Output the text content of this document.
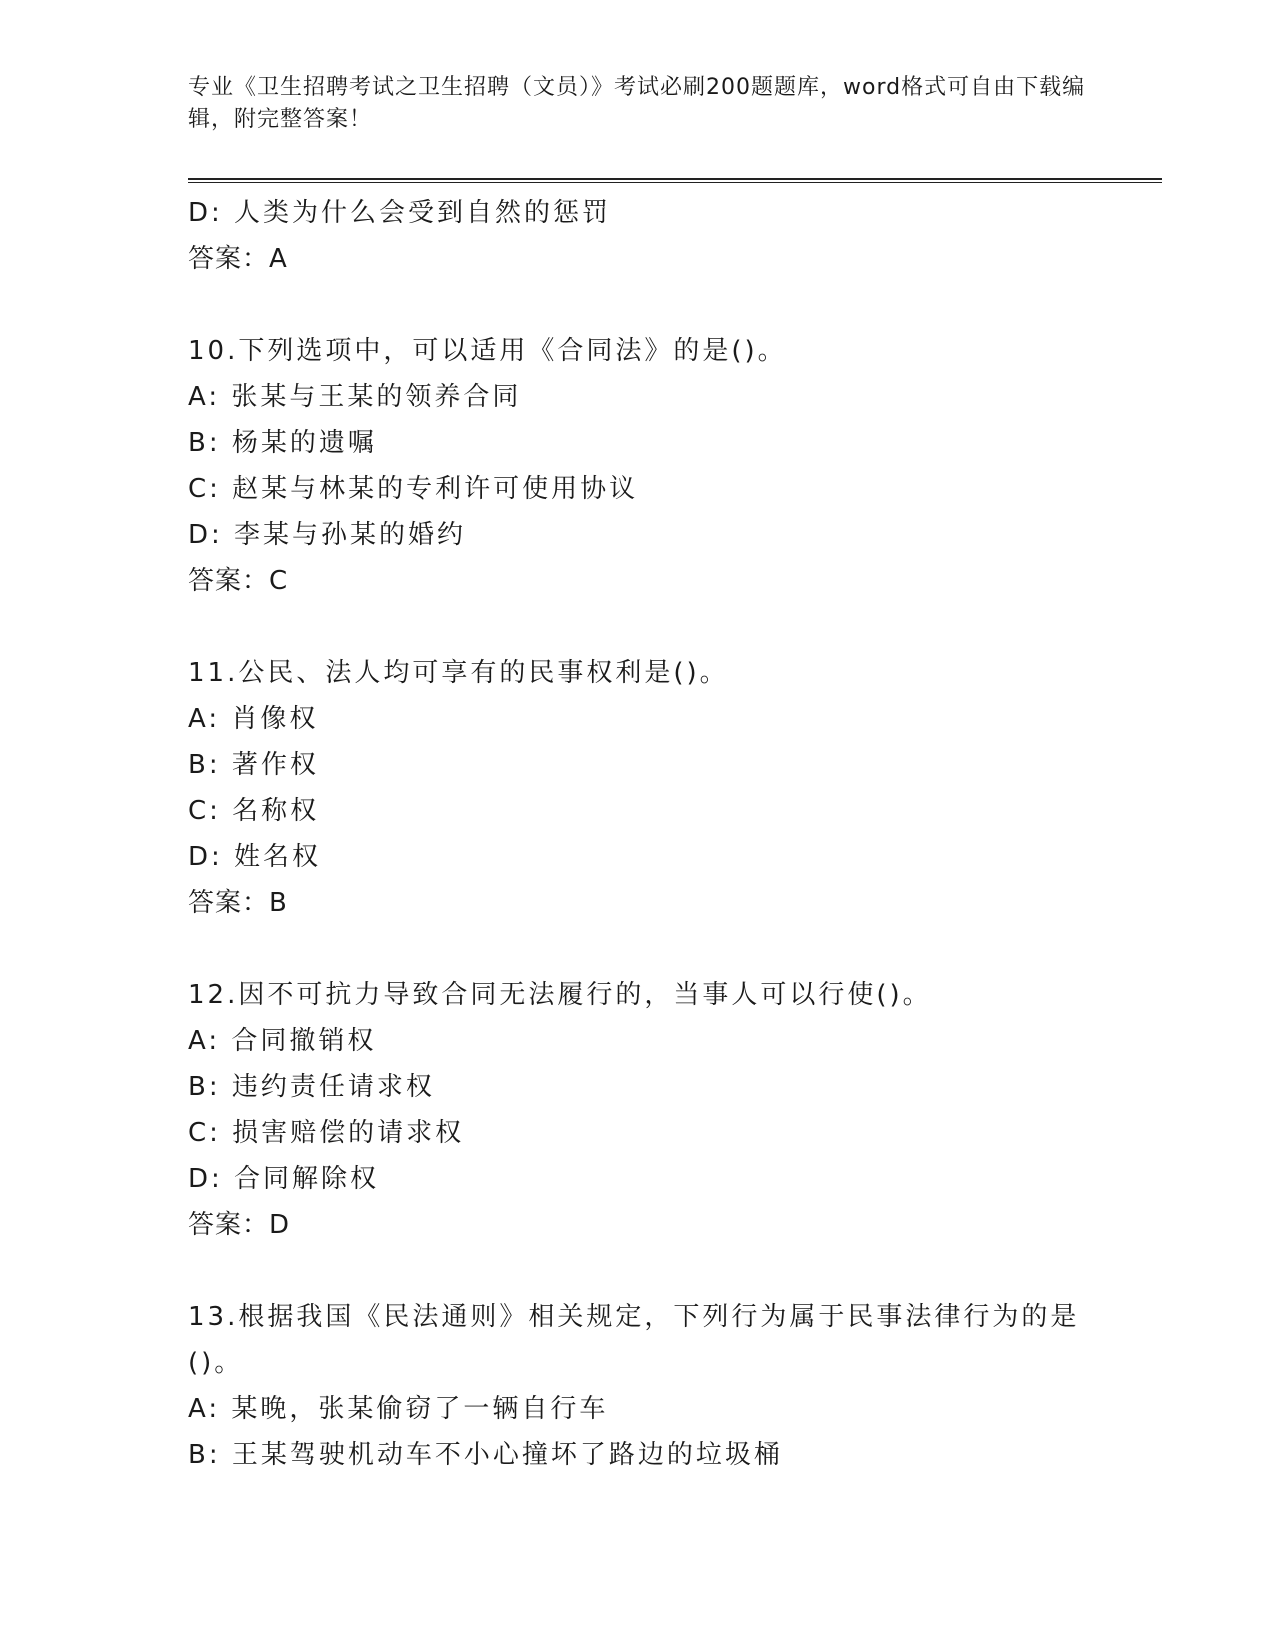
专业《卫生招聘考试之卫生招聘（文员）》考试必刷200题题库，word格式可自由下载编辑，附完整答案！
D: 人类为什么会受到自然的惩罚
答案：A
10.下列选项中，可以适用《合同法》的是()。
A: 张某与王某的领养合同
B: 杨某的遗嘱
C: 赵某与林某的专利许可使用协议
D: 李某与孙某的婚约
答案：C
11.公民、法人均可享有的民事权利是()。
A: 肖像权
B: 著作权
C: 名称权
D: 姓名权
答案：B
12.因不可抗力导致合同无法履行的，当事人可以行使()。
A: 合同撤销权
B: 违约责任请求权
C: 损害赔偿的请求权
D: 合同解除权
答案：D
13.根据我国《民法通则》相关规定，下列行为属于民事法律行为的是()。
A: 某晚，张某偷窃了一辆自行车
B: 王某驾驶机动车不小心撞坏了路边的垃圾桶
